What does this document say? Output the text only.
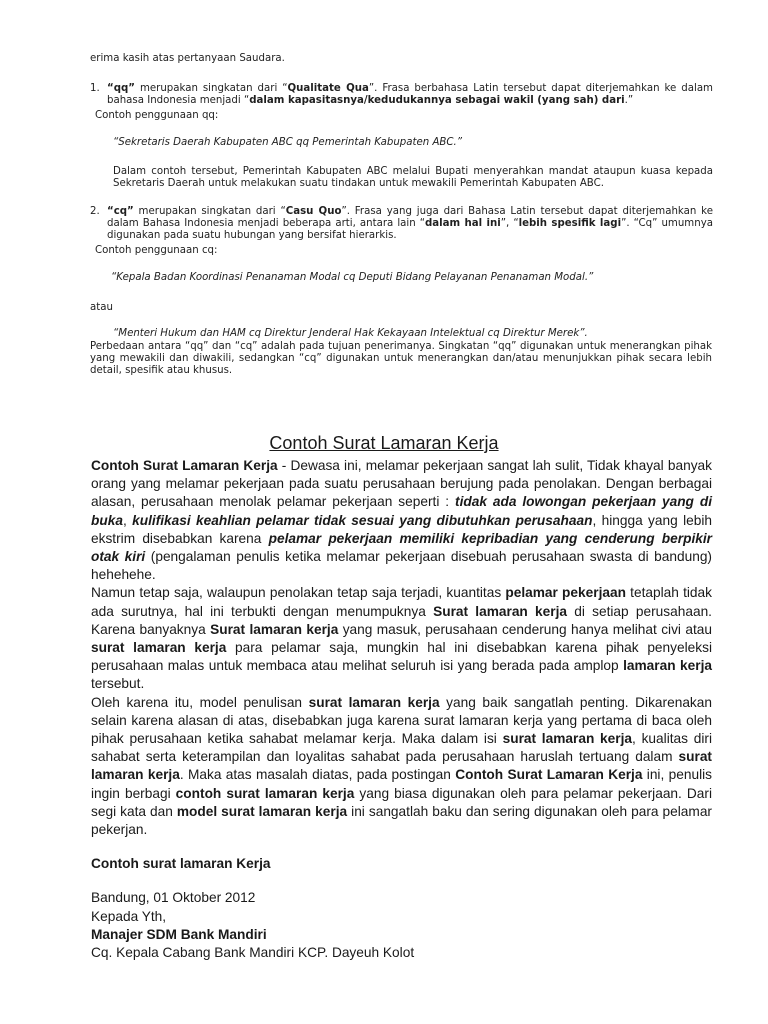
erima kasih atas pertanyaan Saudara.
1. “qq” merupakan singkatan dari “Qualitate Qua”. Frasa berbahasa Latin tersebut dapat diterjemahkan ke dalam bahasa Indonesia menjadi “dalam kapasitasnya/kedudukannya sebagai wakil (yang sah) dari.”
Contoh penggunaan qq:
“Sekretaris Daerah Kabupaten ABC qq Pemerintah Kabupaten ABC.”
Dalam contoh tersebut, Pemerintah Kabupaten ABC melalui Bupati menyerahkan mandat ataupun kuasa kepada Sekretaris Daerah untuk melakukan suatu tindakan untuk mewakili Pemerintah Kabupaten ABC.
2. “cq” merupakan singkatan dari “Casu Quo”. Frasa yang juga dari Bahasa Latin tersebut dapat diterjemahkan ke dalam Bahasa Indonesia menjadi beberapa arti, antara lain “dalam hal ini”, “lebih spesifik lagi”. “Cq” umumnya digunakan pada suatu hubungan yang bersifat hierarkis.
Contoh penggunaan cq:
“Kepala Badan Koordinasi Penanaman Modal cq Deputi Bidang Pelayanan Penanaman Modal.”
atau
“Menteri Hukum dan HAM cq Direktur Jenderal Hak Kekayaan Intelektual cq Direktur Merek”.
Perbedaan antara “qq” dan “cq” adalah pada tujuan penerimanya. Singkatan “qq” digunakan untuk menerangkan pihak yang mewakili dan diwakili, sedangkan “cq” digunakan untuk menerangkan dan/atau menunjukkan pihak secara lebih detail, spesifik atau khusus.
Contoh Surat Lamaran Kerja

Contoh Surat Lamaran Kerja - Dewasa ini, melamar pekerjaan sangat lah sulit, Tidak khayal banyak orang yang melamar pekerjaan pada suatu perusahaan berujung pada penolakan. Dengan berbagai alasan, perusahaan menolak pelamar pekerjaan seperti : tidak ada lowongan pekerjaan yang di buka, kulifikasi keahlian pelamar tidak sesuai yang dibutuhkan perusahaan, hingga yang lebih ekstrim disebabkan karena pelamar pekerjaan memiliki kepribadian yang cenderung berpikir otak kiri (pengalaman penulis ketika melamar pekerjaan disebuah perusahaan swasta di bandung) hehehehe.

Namun tetap saja, walaupun penolakan tetap saja terjadi, kuantitas pelamar pekerjaan tetaplah tidak ada surutnya, hal ini terbukti dengan menumpuknya Surat lamaran kerja di setiap perusahaan. Karena banyaknya Surat lamaran kerja yang masuk, perusahaan cenderung hanya melihat civi atau surat lamaran kerja para pelamar saja, mungkin hal ini disebabkan karena pihak penyeleksi perusahaan malas untuk membaca atau melihat seluruh isi yang berada pada amplop lamaran kerja tersebut.

Oleh karena itu, model penulisan surat lamaran kerja yang baik sangatlah penting. Dikarenakan selain karena alasan di atas, disebabkan juga karena surat lamaran kerja yang pertama di baca oleh pihak perusahaan ketika sahabat melamar kerja. Maka dalam isi surat lamaran kerja, kualitas diri sahabat serta keterampilan dan loyalitas sahabat pada perusahaan haruslah tertuang dalam surat lamaran kerja. Maka atas masalah diatas, pada postingan Contoh Surat Lamaran Kerja ini, penulis ingin berbagi contoh surat lamaran kerja yang biasa digunakan oleh para pelamar pekerjaan. Dari segi kata dan model surat lamaran kerja ini sangatlah baku dan sering digunakan oleh para pelamar pekerjan.

Contoh surat lamaran Kerja

Bandung, 01 Oktober 2012

Kepada Yth,

Manajer SDM Bank Mandiri

Cq. Kepala Cabang Bank Mandiri KCP. Dayeuh Kolot
